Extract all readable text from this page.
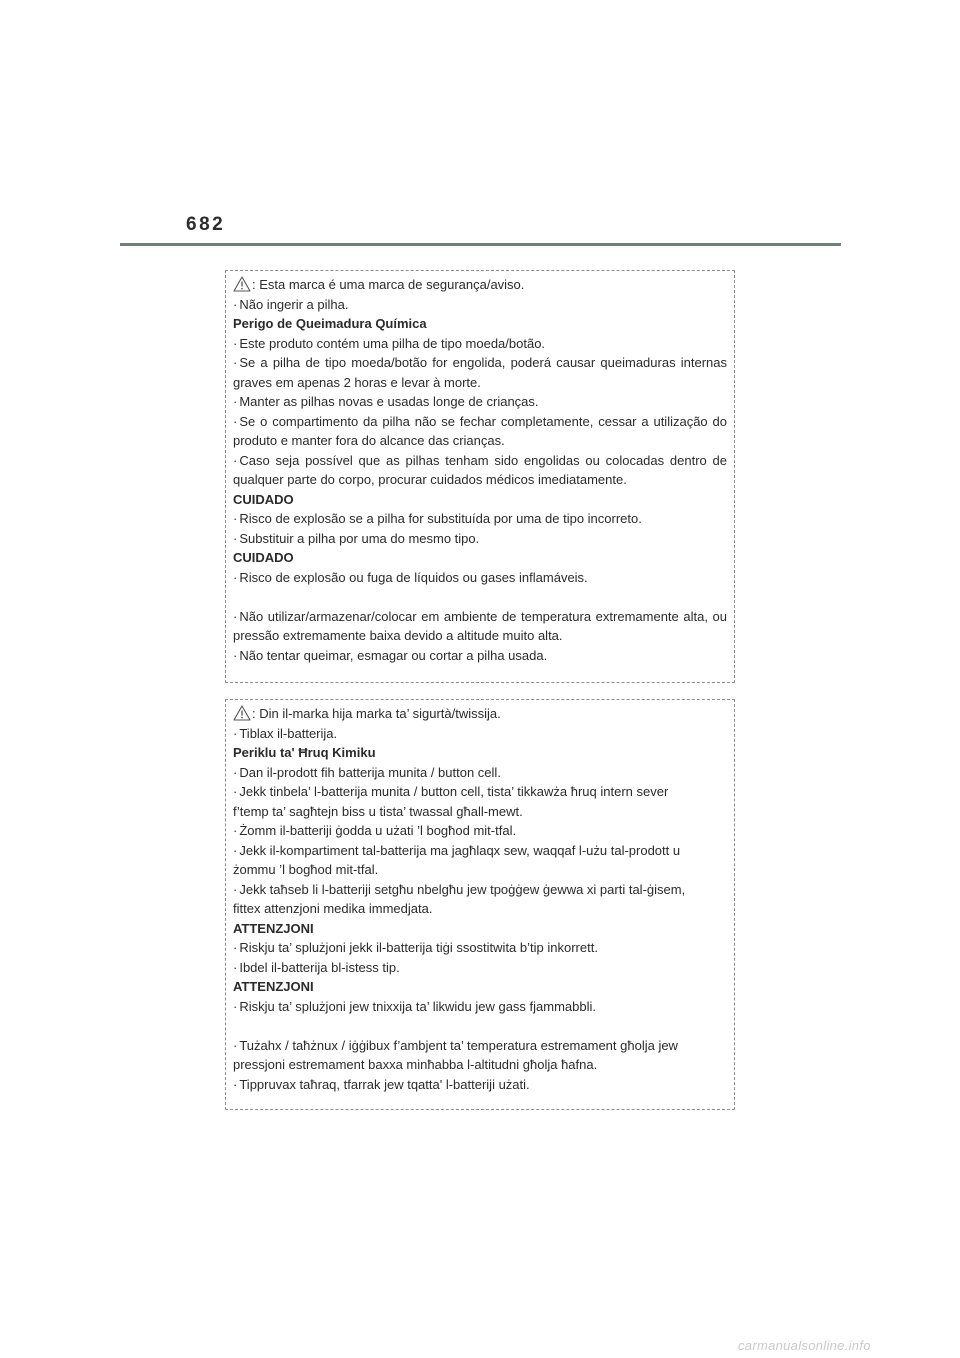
682
: Esta marca é uma marca de segurança/aviso.
· Não ingerir a pilha.
Perigo de Queimadura Química
· Este produto contém uma pilha de tipo moeda/botão.
· Se a pilha de tipo moeda/botão for engolida, poderá causar queimaduras internas graves em apenas 2 horas e levar à morte.
· Manter as pilhas novas e usadas longe de crianças.
· Se o compartimento da pilha não se fechar completamente, cessar a utilização do produto e manter fora do alcance das crianças.
· Caso seja possível que as pilhas tenham sido engolidas ou colocadas dentro de qualquer parte do corpo, procurar cuidados médicos imediatamente.
CUIDADO
· Risco de explosão se a pilha for substituída por uma de tipo incorreto.
· Substituir a pilha por uma do mesmo tipo.
CUIDADO
· Risco de explosão ou fuga de líquidos ou gases inflamáveis.
· Não utilizar/armazenar/colocar em ambiente de temperatura extremamente alta, ou pressão extremamente baixa devido a altitude muito alta.
· Não tentar queimar, esmagar ou cortar a pilha usada.
: Din il-marka hija marka ta’ sigurtà/twissija.
· Tiblax il-batterija.
Periklu ta' Ħruq Kimiku
· Dan il-prodott fih batterija munita / button cell.
· Jekk tinbela’ l-batterija munita / button cell, tista’ tikkawża ħruq intern sever
f’temp ta’ sagħtejn biss u tista’ twassal għall-mewt.
· Żomm il-batteriji ġodda u użati ’l bogħod mit-tfal.
· Jekk il-kompartiment tal-batterija ma jagħlaqx sew, waqqaf l-użu tal-prodott u
żommu ’l bogħod mit-tfal.
· Jekk taħseb li l-batteriji setgħu nbelgħu jew tpoġġew ġewwa xi parti tal-ġisem,
fittex attenzjoni medika immedjata.
ATTENZJONI
· Riskju ta’ splużjoni jekk il-batterija tiġi ssostitwita b’tip inkorrett.
· Ibdel il-batterija bl-istess tip.
ATTENZJONI
· Riskju ta’ splużjoni jew tnixxija ta’ likwidu jew gass fjammabbli.
· Tużahx / taħżnux / iġġibux f’ambjent ta’ temperatura estremament għolja jew
pressjoni estremament baxxa minħabba l-altitudni għolja ħafna.
· Tippruvax taħraq, tfarrak jew tqatta' l-batteriji użati.
carmanualsonline.info
